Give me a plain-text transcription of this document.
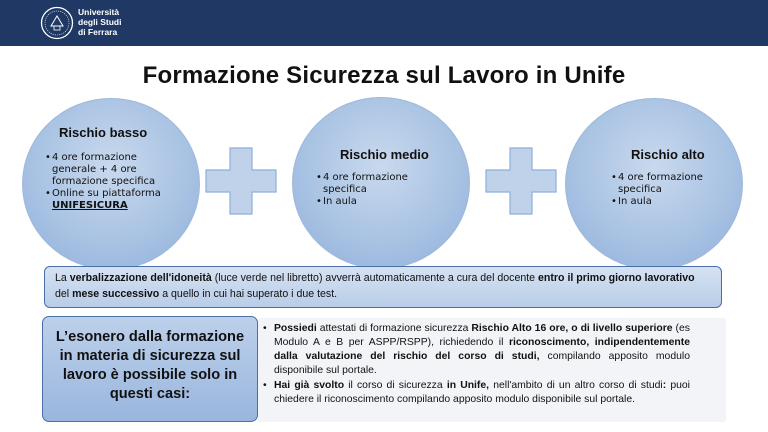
Università
degli Studi
di Ferrara
Formazione Sicurezza sul Lavoro in Unife
Rischio basso
• 4 ore formazione generale + 4 ore formazione specifica
• Online su piattaforma
UNIFESICURA
Rischio medio
• 4 ore formazione specifica
• In aula
Rischio alto
• 4 ore formazione specifica
• In aula
La verbalizzazione dell'idoneità (luce verde nel libretto) avverrà automaticamente a cura del docente entro il primo giorno lavorativo del mese successivo a quello in cui hai superato i due test.
L’esonero dalla formazione in materia di sicurezza sul lavoro è possibile solo in questi casi:
• Possiedi attestati di formazione sicurezza Rischio Alto 16 ore, o di livello superiore (es Modulo A e B per ASPP/RSPP), richiedendo il riconoscimento, indipendentemente dalla valutazione del rischio del corso di studi, compilando apposito modulo disponibile sul portale.
• Hai già svolto il corso di sicurezza in Unife, nell'ambito di un altro corso di studi: puoi chiedere il riconoscimento compilando apposito modulo disponibile sul portale.
